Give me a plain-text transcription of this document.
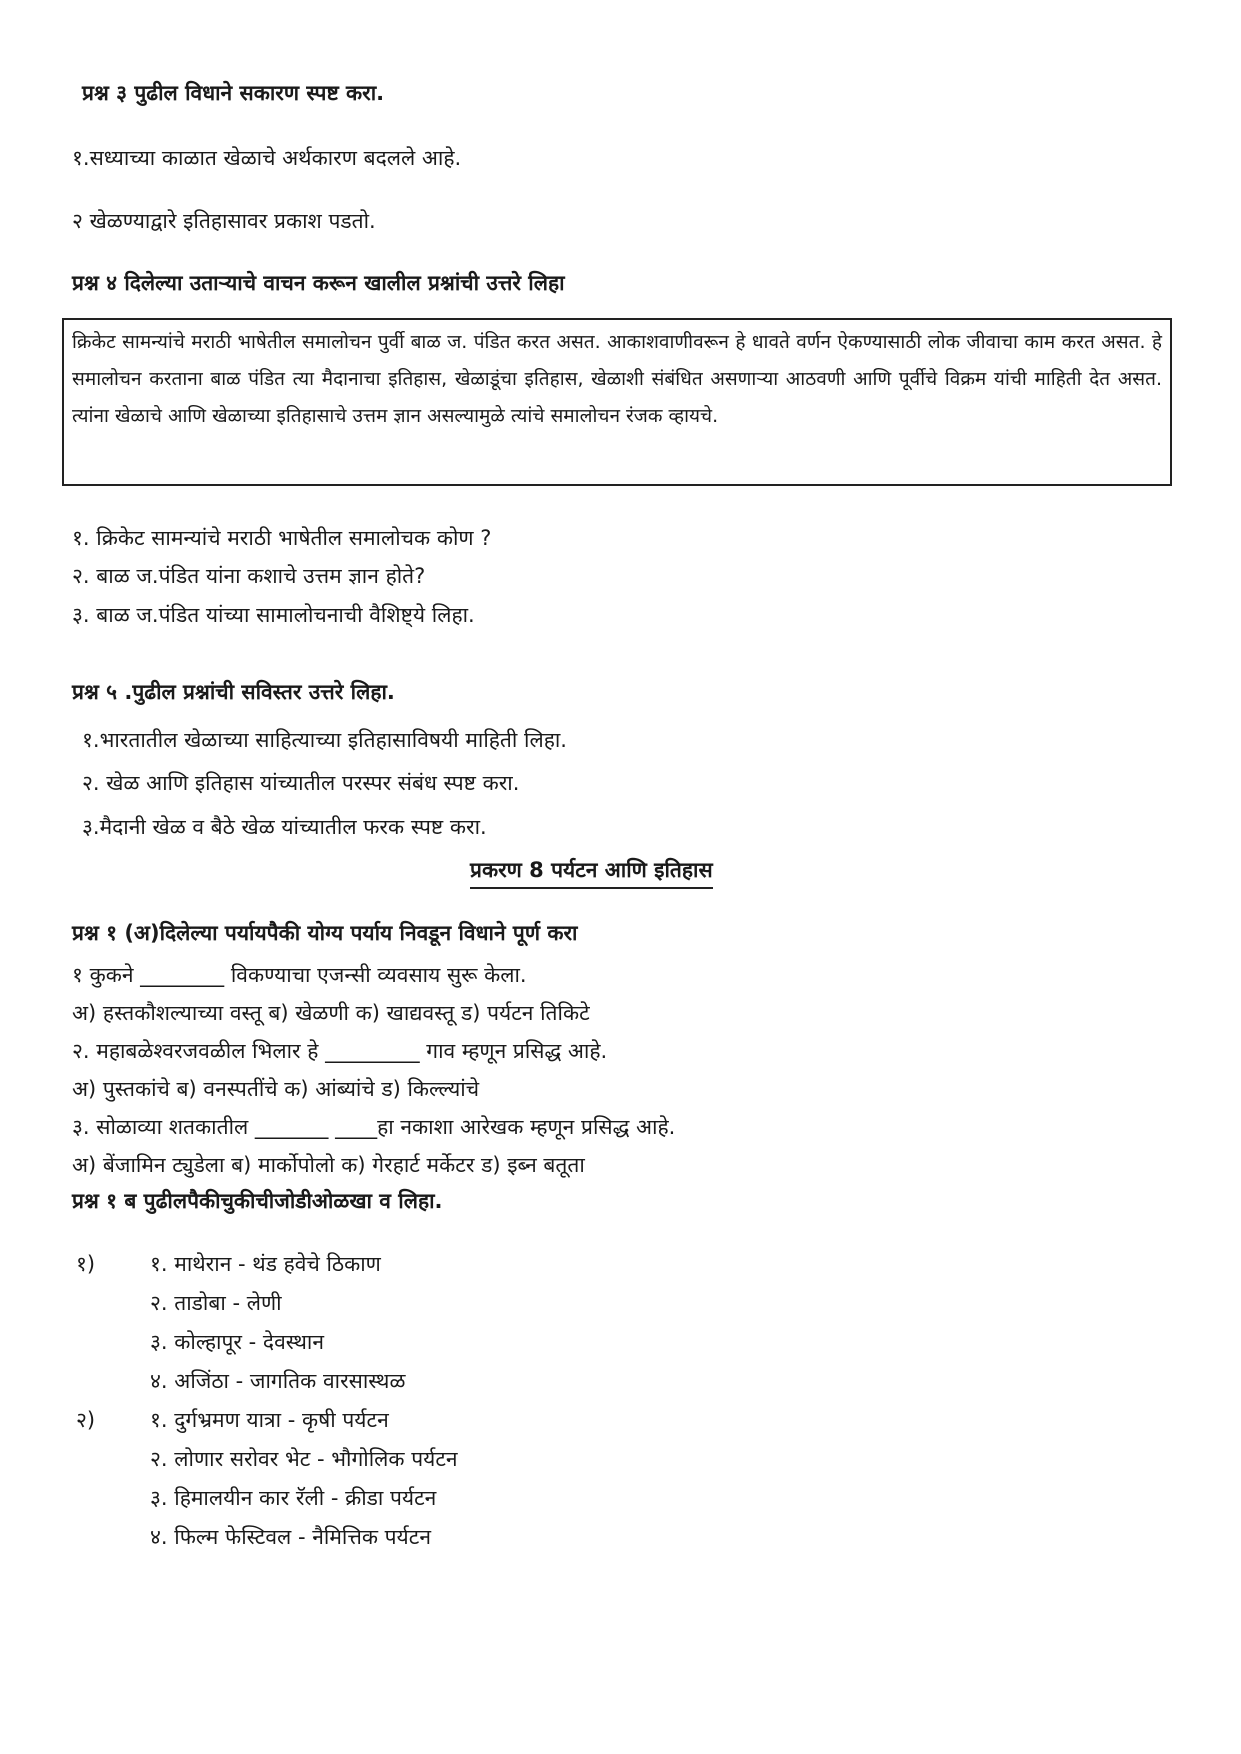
प्रश्न ३ पुढील विधाने सकारण स्पष्ट करा.
१.सध्याच्या काळात खेळाचे अर्थकारण बदलले आहे.
२ खेळण्याद्वारे इतिहासावर प्रकाश पडतो.
प्रश्न ४ दिलेल्या उताऱ्याचे वाचन करून खालील प्रश्नांची उत्तरे लिहा
क्रिकेट सामन्यांचे मराठी भाषेतील समालोचन पुर्वी बाळ ज. पंडित करत असत. आकाशवाणीवरून हे धावते वर्णन ऐकण्यासाठी लोक जीवाचा काम करत असत. हे समालोचन करताना बाळ पंडित त्या मैदानाचा इतिहास, खेळाडूंचा इतिहास, खेळाशी संबंधित असणाऱ्या आठवणी आणि पूर्वीचे विक्रम यांची माहिती देत असत. त्यांना खेळाचे आणि खेळाच्या इतिहासाचे उत्तम ज्ञान असल्यामुळे त्यांचे समालोचन रंजक व्हायचे.
१. क्रिकेट सामन्यांचे मराठी भाषेतील समालोचक कोण ?
२. बाळ ज.पंडित यांना कशाचे उत्तम ज्ञान होते?
३. बाळ ज.पंडित यांच्या सामालोचनाची वैशिष्ट्ये लिहा.
प्रश्न ५ .पुढील प्रश्नांची सविस्तर उत्तरे लिहा.
१.भारतातील खेळाच्या साहित्याच्या इतिहासाविषयी माहिती लिहा.
२. खेळ आणि इतिहास यांच्यातील परस्पर संबंध स्पष्ट करा.
३.मैदानी खेळ व बैठे खेळ यांच्यातील फरक स्पष्ट करा.
प्रकरण 8 पर्यटन आणि इतिहास
प्रश्न १ (अ)दिलेल्या पर्यायपैकी योग्य पर्याय निवडून विधाने पूर्ण करा
१ कुकने ________ विकण्याचा एजन्सी व्यवसाय सुरू केला.
अ) हस्तकौशल्याच्या वस्तू ब) खेळणी क) खाद्यवस्तू ड) पर्यटन तिकिटे
२. महाबळेश्वरजवळील भिलार हे _________ गाव म्हणून प्रसिद्ध आहे.
अ) पुस्तकांचे ब) वनस्पतींचे क) आंब्यांचे ड) किल्ल्यांचे
३. सोळाव्या शतकातील _______ ____हा नकाशा आरेखक म्हणून प्रसिद्ध आहे.
अ) बेंजामिन ट्युडेला ब) मार्कोपोलो क) गेरहार्ट मर्केटर ड) इब्न बतूता
प्रश्न १ ब पुढीलपैकीचुकीचीजोडीओळखा व लिहा.
१)	१. माथेरान - थंड हवेचे ठिकाण
२. ताडोबा - लेणी
३. कोल्हापूर - देवस्थान
४. अजिंठा - जागतिक वारसास्थळ
२)	१. दुर्गभ्रमण यात्रा - कृषी पर्यटन
२. लोणार सरोवर भेट - भौगोलिक पर्यटन
३. हिमालयीन कार रॅली - क्रीडा पर्यटन
४. फिल्म फेस्टिवल - नैमित्तिक पर्यटन
